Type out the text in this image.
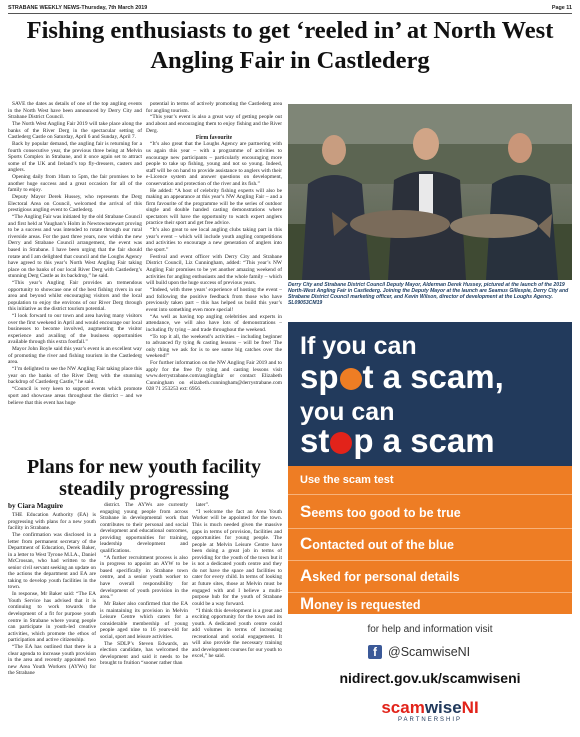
STRABANE WEEKLY NEWS-Thursday, 7th March 2019	Page 11
Fishing enthusiasts to get ‘reeled in’ at North West Angling Fair in Castlederg

SAVE the dates as details of one of the top angling events in the North West have been announced by Derry City and Strabane District Council.

The North West Angling Fair 2019 will take place along the banks of the River Derg in the spectacular setting of Castlederg Castle on Saturday, April 6 and Sunday, April 7.

Back by popular demand, the angling fair is returning for a fourth consecutive year, the previous three being at Melvin Sports Complex in Strabane, and it once again set to attract some of the UK and Ireland’s top fly-dressers, casters and anglers.

Opening daily from 10am to 5pm, the fair promises to be another huge success and a great occasion for all of the family to enjoy.

Deputy Mayor Derek Hussey, who represents the Derg Electoral Area on Council, welcomed the arrival of this prestigious angling event to Castlederg.

“The Angling Fair was initiated by the old Strabane Council and first held at Vaughan’s Holm in Newtownstewart proving to be a success and was intended to rotate through our rural riverside areas. For the past three years, now within the new Derry and Strabane Council arrangement, the event was based in Strabane. I have been urging that the fair should rotate and I am delighted that council and the Loughs Agency have agreed to this year’s North West Angling Fair taking place on the banks of our local River Derg with Castlederg’s stunning Derg Castle as its backdrop,” he said.

“This year’s Angling Fair provides an tremendous opportunity to showcase one of the best fishing rivers in our area and beyond whilst encouraging visitors and the local population to enjoy the environs of our River Derg through this initiative as the district tourism potential.

“I look forward to our town and area having many visitors over the first weekend in April and would encourage our local businesses to become involved, augmenting the visitor experience and availing of the business opportunities available through this extra footfall.”

Mayor John Boyle said this year’s event is an excellent way of promoting the river and fishing tourism in the Castlederg area.

“I’m delighted to see the NW Angling Fair taking place this year on the banks of the River Derg with the stunning backdrop of Castlederg Castle,” he said.

“Council is very keen to support events which promote sport and showcase areas throughout the district – and we believe that this event has huge

potential in terms of actively promoting the Castlederg area for angling tourism.

“This year’s event is also a great way of getting people out and about and encouraging them to enjoy fishing and the River Derg.

Firm favourite

“It’s also great that the Loughs Agency are partnering with us again this year – with a programme of activities to encourage new participants – particularly encouraging more people to take up fishing, young and not so young. Indeed, staff will be on hand to provide assistance to anglers with their e-Licence system and answer questions on development, conservation and protection of the river and its fish.”

He added: “A host of celebrity fishing experts will also be making an appearance at this year’s NW Angling Fair – and a firm favourite of the programme will be the series of outdoor single and double handed casting demonstrations where spectators will have the opportunity to watch expert anglers practice their sport and get free advice.

“It’s also great to see local angling clubs taking part in this year’s event – which will include youth angling competitions and activities to encourage a new generation of anglers into the sport.”

Festival and event officer with Derry City and Strabane District Council, Liz Cunningham, added: “This year’s NW Angling Fair promises to be yet another amazing weekend of activities for angling enthusiasts and the whole family – which will build upon the huge success of previous years.

“Indeed, with three years’ experience of hosting the event – and following the positive feedback from those who have previously taken part – this has helped us build this year’s event into something even more special!

“As well as having top angling celebrities and experts in attendance, we will also have lots of demonstrations – including fly tying – and trade throughout the weekend.

“To top it all, the weekend’s activities – including beginner to advanced fly tying & casting lessons – will be free! The only thing we ask for is to see some big catches over the weekend!”

For further information on the NW Angling Fair 2019 and to apply for the free fly tying and casting lessons visit www.derrystrabane.com/anglingfair or contact Elizabeth Cunningham on elizabeth.cunningham@derrystrabane.com 028 71 253253 ext: 6956.

Derry City and Strabane District Council Deputy Mayor, Alderman Derek Hussey, pictured at the launch of the 2019 North-West Angling Fair in Castlederg. Joining the Deputy Mayor at the launch are Seamus Gillespie, Derry City and Strabane District Council marketing officer, and Kevin Wilson, director of development at the Loughs Agency. SL09053CM19
Plans for new youth facility steadily progressing
by Ciara Maguire

THE Education Authority (EA) is progressing with plans for a new youth facility in Strabane.

The confirmation was disclosed in a letter from permanent secretary of the Department of Education, Derek Baker, in a letter to West Tyrone M.LA., Daniel McCrossan, who had written to the senior civil servant seeking an update on the actions the department and EA are taking to develop youth facilities in the town.

In response, Mr Baker said: “The EA Youth Service has advised that it is continuing to work towards the development of a fit for purpose youth centre in Strabane where young people can participate in youth-led creative activities, which promote the ethos of participation and active citizenship.

“The EA has outlined that there is a clear agenda to increase youth provision in the area and recently appointed two new Area Youth Workers (AYWs) for the Strabane

district. The AYWs are currently engaging young people from across Strabane in developmental work that contributes to their personal and social development and educational outcomes, providing opportunities for training, leadership development and qualifications.

“A further recruitment process is also in progress to appoint an AYW to be based specifically in Strabane town centre, and a senior youth worker to have overall responsibility for development of youth provision in the area.”

Mr Baker also confirmed that the EA is maintaining its provision in Melvin Leisure Centre which caters for a considerable membership of young people aged nine to 16 years-old for social, sport and leisure activities.

The SDLP’s Steven Edwards, an election candidate, has welcomed the development and said it needs to be brought to fruition “sooner rather than

later”.

“I welcome the fact an Area Youth Worker will be appointed for the town. This is much needed given the massive gaps in terms of provision, facilities and opportunities for young people. The people at Melvin Leisure Centre have been doing a great job in terms of providing for the youth of the town but it is not a dedicated youth centre and they do not have the space and facilities to cater for every child. In terms of looking at future sites, those at Melvin must be engaged with and I believe a multi-purpose hub for the youth of Strabane could be a way forward.

“I think this development is a great and exciting opportunity for the town and its youth. A dedicated youth centre could add volumes in terms of increasing recreational and social engagement. It will also provide the necessary training and development courses for our youth to excel,” he said.

If you can
sp t a scam,
you can
st p a scam
Use the scam test
Seems too good to be true
Contacted out of the blue
Asked for personal details
Money is requested
for help and information visit
f @ScamwiseNI
nidirect.gov.uk/scamwiseni
scamwiseNI
PARTNERSHIP
